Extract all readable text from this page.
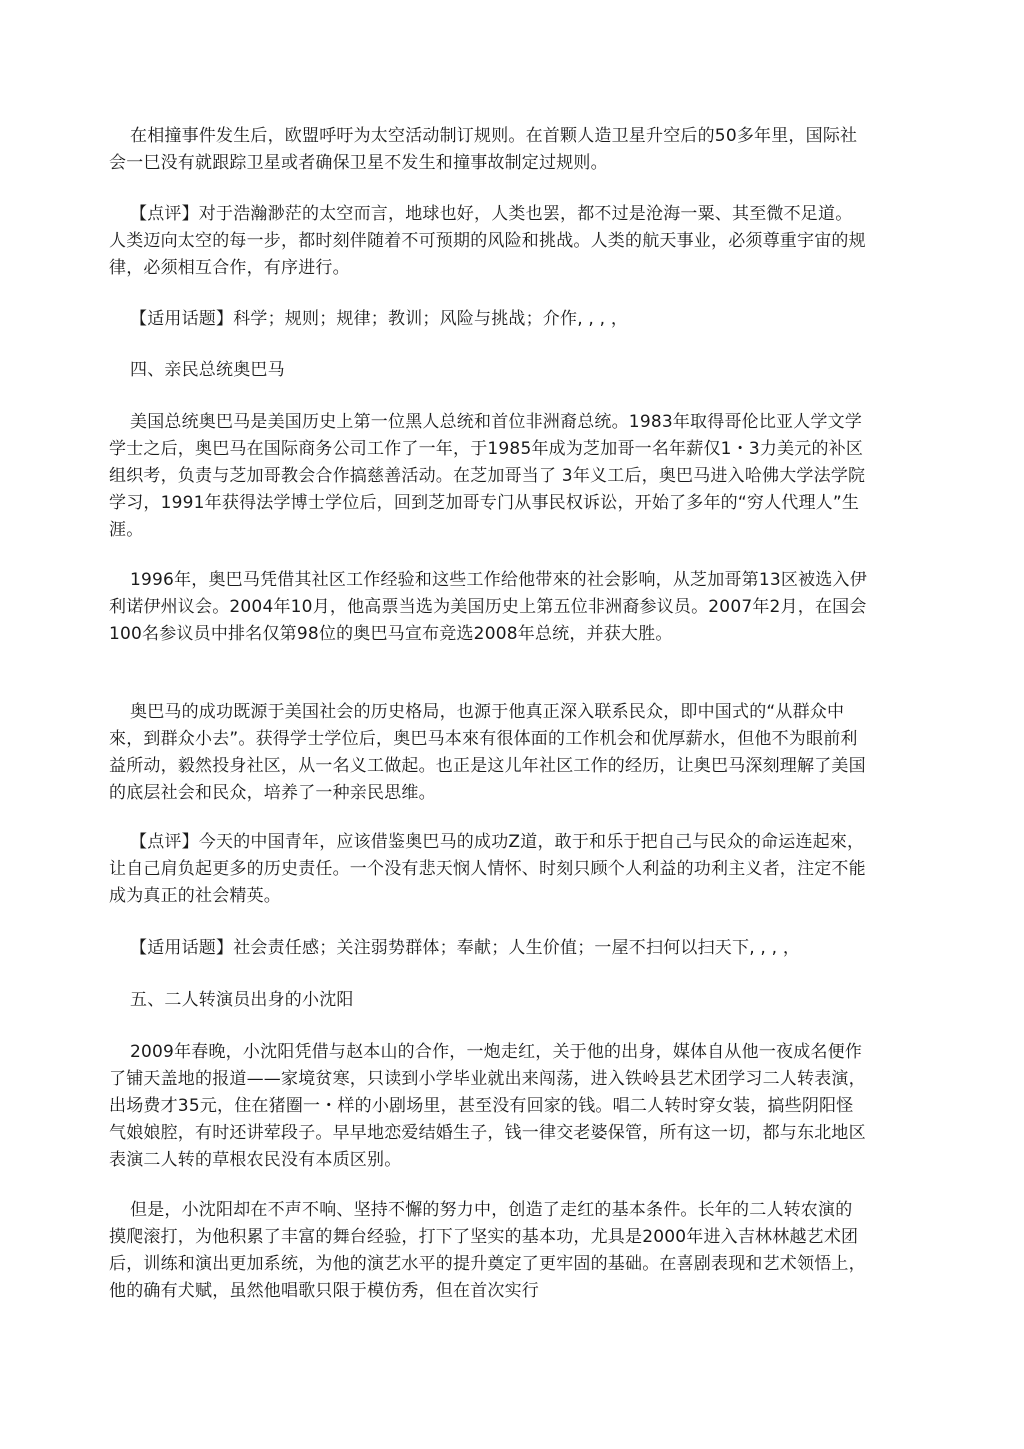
在相撞事件发生后，欧盟呼吁为太空活动制订规则。在首颗人造卫星升空后的50多年里，国际社会一巳没有就跟踪卫星或者确保卫星不发生和撞事故制定过规则。

【点评】对于浩瀚渺茫的太空而言，地球也好，人类也罢，都不过是沧海一粟、其至微不足道。人类迈向太空的每一步，都时刻伴随着不可预期的风险和挑战。人类的航天事业，必须尊重宇宙的规律，必须相互合作，有序进行。

【适用话题】科学；规则；规律；教训；风险与挑战；介作, , , ，

四、亲民总统奥巴马

美国总统奥巴马是美国历史上第一位黑人总统和首位非洲裔总统。1983年取得哥伦比亚人学文学学士之后，奥巴马在国际商务公司工作了一年，于1985年成为芝加哥一名年薪仅1・3力美元的补区组织考，负责与芝加哥教会合作搞慈善活动。在芝加哥当了 3年义工后，奥巴马进入哈佛大学法学院学习，1991年获得法学博士学位后，回到芝加哥专门从事民权诉讼，开始了多年的“穷人代理人”生涯。

1996年，奥巴马凭借其社区工作经验和这些工作给他带來的社会影响，从芝加哥第13区被选入伊利诺伊州议会。2004年10月，他高票当选为美国历史上第五位非洲裔参议员。2007年2月，在国会100名参议员中排名仅第98位的奥巴马宣布竞选2008年总统，并获大胜。

奥巴马的成功既源于美国社会的历史格局，也源于他真正深入联系民众，即中国式的“从群众中來，到群众小去”。获得学士学位后，奥巴马本來有很体面的工作机会和优厚薪水，但他不为眼前利益所动，毅然投身社区，从一名义工做起。也正是这儿年社区工作的经历，让奥巴马深刻理解了美国的底层社会和民众，培养了一种亲民思维。

【点评】今天的中国青年，应该借鉴奥巴马的成功Z道，敢于和乐于把自己与民众的命运连起來，让自己肩负起更多的历史责任。一个没有悲天悯人情怀、时刻只顾个人利益的功利主义者，注定不能成为真正的社会精英。

【适用话题】社会责任感；关注弱势群体；奉献；人生价值；一屋不扫何以扫天下, , , ，

五、二人转演员出身的小沈阳

2009年春晚，小沈阳凭借与赵本山的合作，一炮走红，关于他的出身，媒体自从他一夜成名便作了铺天盖地的报道——家境贫寒，只读到小学毕业就出来闯荡，进入铁岭县艺术团学习二人转表演，出场费才35元，住在猪圈一・样的小剧场里，甚至没有回家的钱。唱二人转时穿女装，搞些阴阳怪气娘娘腔，有时还讲荤段子。早早地恋爱结婚生子，钱一律交老婆保管，所有这一切，都与东北地区表演二人转的草根农民没有本质区别。

但是，小沈阳却在不声不响、坚持不懈的努力中，创造了走红的基本条件。长年的二人转农演的摸爬滚打，为他积累了丰富的舞台经验，打下了坚实的基本功，尤具是2000年进入吉林林越艺术团后，训练和演出更加系统，为他的演艺水平的提升奠定了更牢固的基础。在喜剧表现和艺术领悟上，他的确有犬赋，虽然他唱歌只限于模仿秀，但在首次实行
